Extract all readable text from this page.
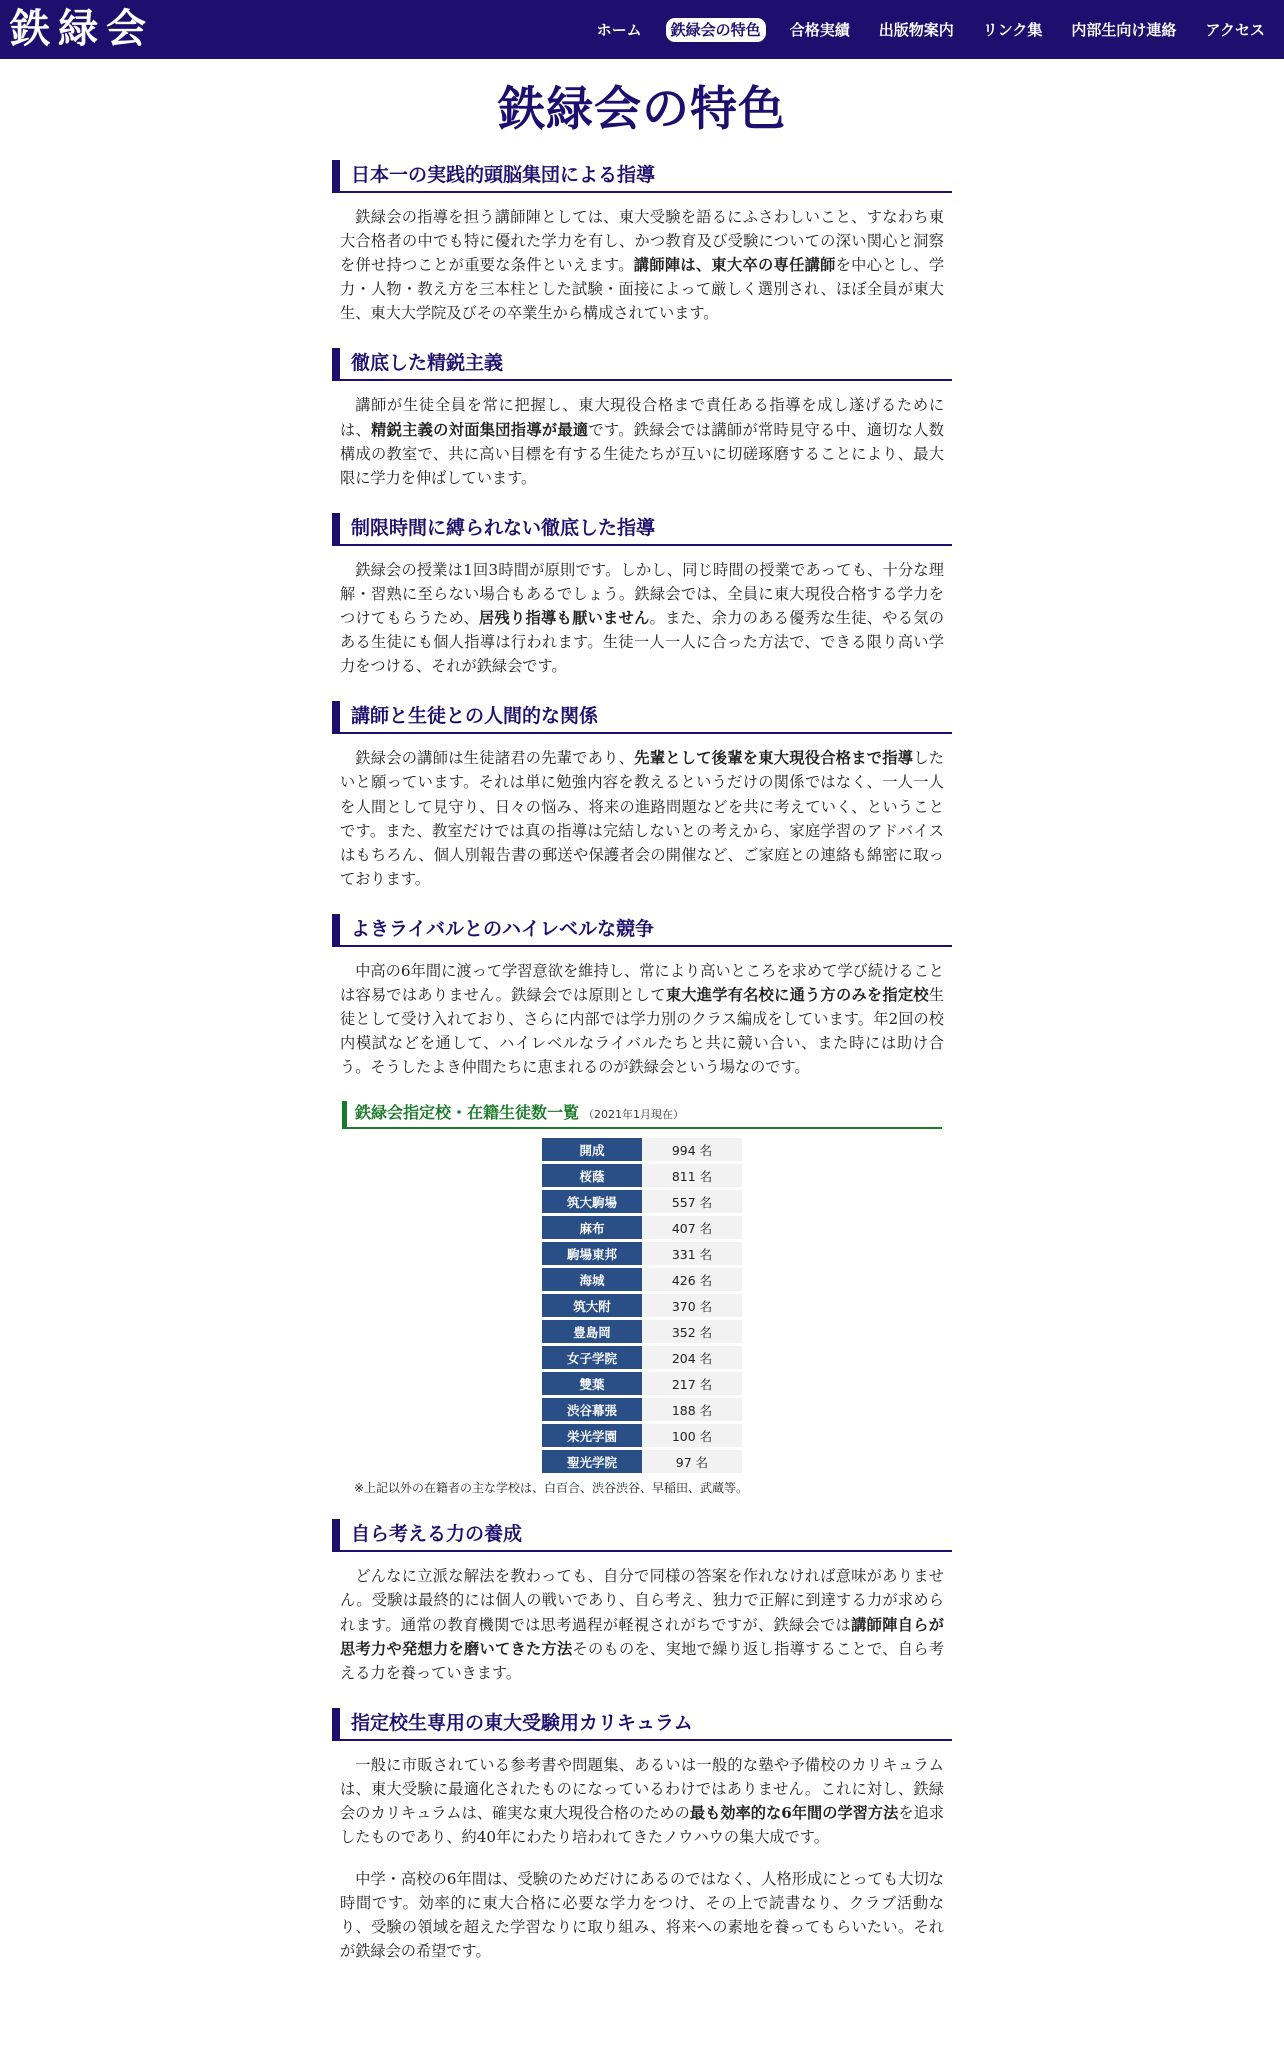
鉄緑会	ホーム	鉄緑会の特色	合格実績	出版物案内	リンク集	内部生向け連絡	アクセス
鉄緑会の特色
日本一の実践的頭脳集団による指導

鉄緑会の指導を担う講師陣としては、東大受験を語るにふさわしいこと、すなわち東大合格者の中でも特に優れた学力を有し、かつ教育及び受験についての深い関心と洞察を併せ持つことが重要な条件といえます。講師陣は、東大卒の専任講師を中心とし、学力・人物・教え方を三本柱とした試験・面接によって厳しく選別され、ほぼ全員が東大生、東大大学院及びその卒業生から構成されています。

徹底した精鋭主義

講師が生徒全員を常に把握し、東大現役合格まで責任ある指導を成し遂げるためには、精鋭主義の対面集団指導が最適です。鉄緑会では講師が常時見守る中、適切な人数構成の教室で、共に高い目標を有する生徒たちが互いに切磋琢磨することにより、最大限に学力を伸ばしています。

制限時間に縛られない徹底した指導

鉄緑会の授業は1回3時間が原則です。しかし、同じ時間の授業であっても、十分な理解・習熟に至らない場合もあるでしょう。鉄緑会では、全員に東大現役合格する学力をつけてもらうため、居残り指導も厭いません。また、余力のある優秀な生徒、やる気のある生徒にも個人指導は行われます。生徒一人一人に合った方法で、できる限り高い学力をつける、それが鉄緑会です。

講師と生徒との人間的な関係

鉄緑会の講師は生徒諸君の先輩であり、先輩として後輩を東大現役合格まで指導したいと願っています。それは単に勉強内容を教えるというだけの関係ではなく、一人一人を人間として見守り、日々の悩み、将来の進路問題などを共に考えていく、ということです。また、教室だけでは真の指導は完結しないとの考えから、家庭学習のアドバイスはもちろん、個人別報告書の郵送や保護者会の開催など、ご家庭との連絡も綿密に取っております。

よきライバルとのハイレベルな競争

中高の6年間に渡って学習意欲を維持し、常により高いところを求めて学び続けることは容易ではありません。鉄緑会では原則として東大進学有名校に通う方のみを指定校生徒として受け入れており、さらに内部では学力別のクラス編成をしています。年2回の校内模試などを通して、ハイレベルなライバルたちと共に競い合い、また時には助け合う。そうしたよき仲間たちに恵まれるのが鉄緑会という場なのです。

鉄緑会指定校・在籍生徒数一覧 （2021年1月現在）
開成	994 名
桜蔭	811 名
筑大駒場	557 名
麻布	407 名
駒場東邦	331 名
海城	426 名
筑大附	370 名
豊島岡	352 名
女子学院	204 名
雙葉	217 名
渋谷幕張	188 名
栄光学園	100 名
聖光学院	97 名
※上記以外の在籍者の主な学校は、白百合、渋谷渋谷、早稲田、武蔵等。
自ら考える力の養成

どんなに立派な解法を教わっても、自分で同様の答案を作れなければ意味がありません。受験は最終的には個人の戦いであり、自ら考え、独力で正解に到達する力が求められます。通常の教育機関では思考過程が軽視されがちですが、鉄緑会では講師陣自らが思考力や発想力を磨いてきた方法そのものを、実地で繰り返し指導することで、自ら考える力を養っていきます。

指定校生専用の東大受験用カリキュラム

一般に市販されている参考書や問題集、あるいは一般的な塾や予備校のカリキュラムは、東大受験に最適化されたものになっているわけではありません。これに対し、鉄緑会のカリキュラムは、確実な東大現役合格のための最も効率的な6年間の学習方法を追求したものであり、約40年にわたり培われてきたノウハウの集大成です。

中学・高校の6年間は、受験のためだけにあるのではなく、人格形成にとっても大切な時間です。効率的に東大合格に必要な学力をつけ、その上で読書なり、クラブ活動なり、受験の領域を超えた学習なりに取り組み、将来への素地を養ってもらいたい。それが鉄緑会の希望です。
